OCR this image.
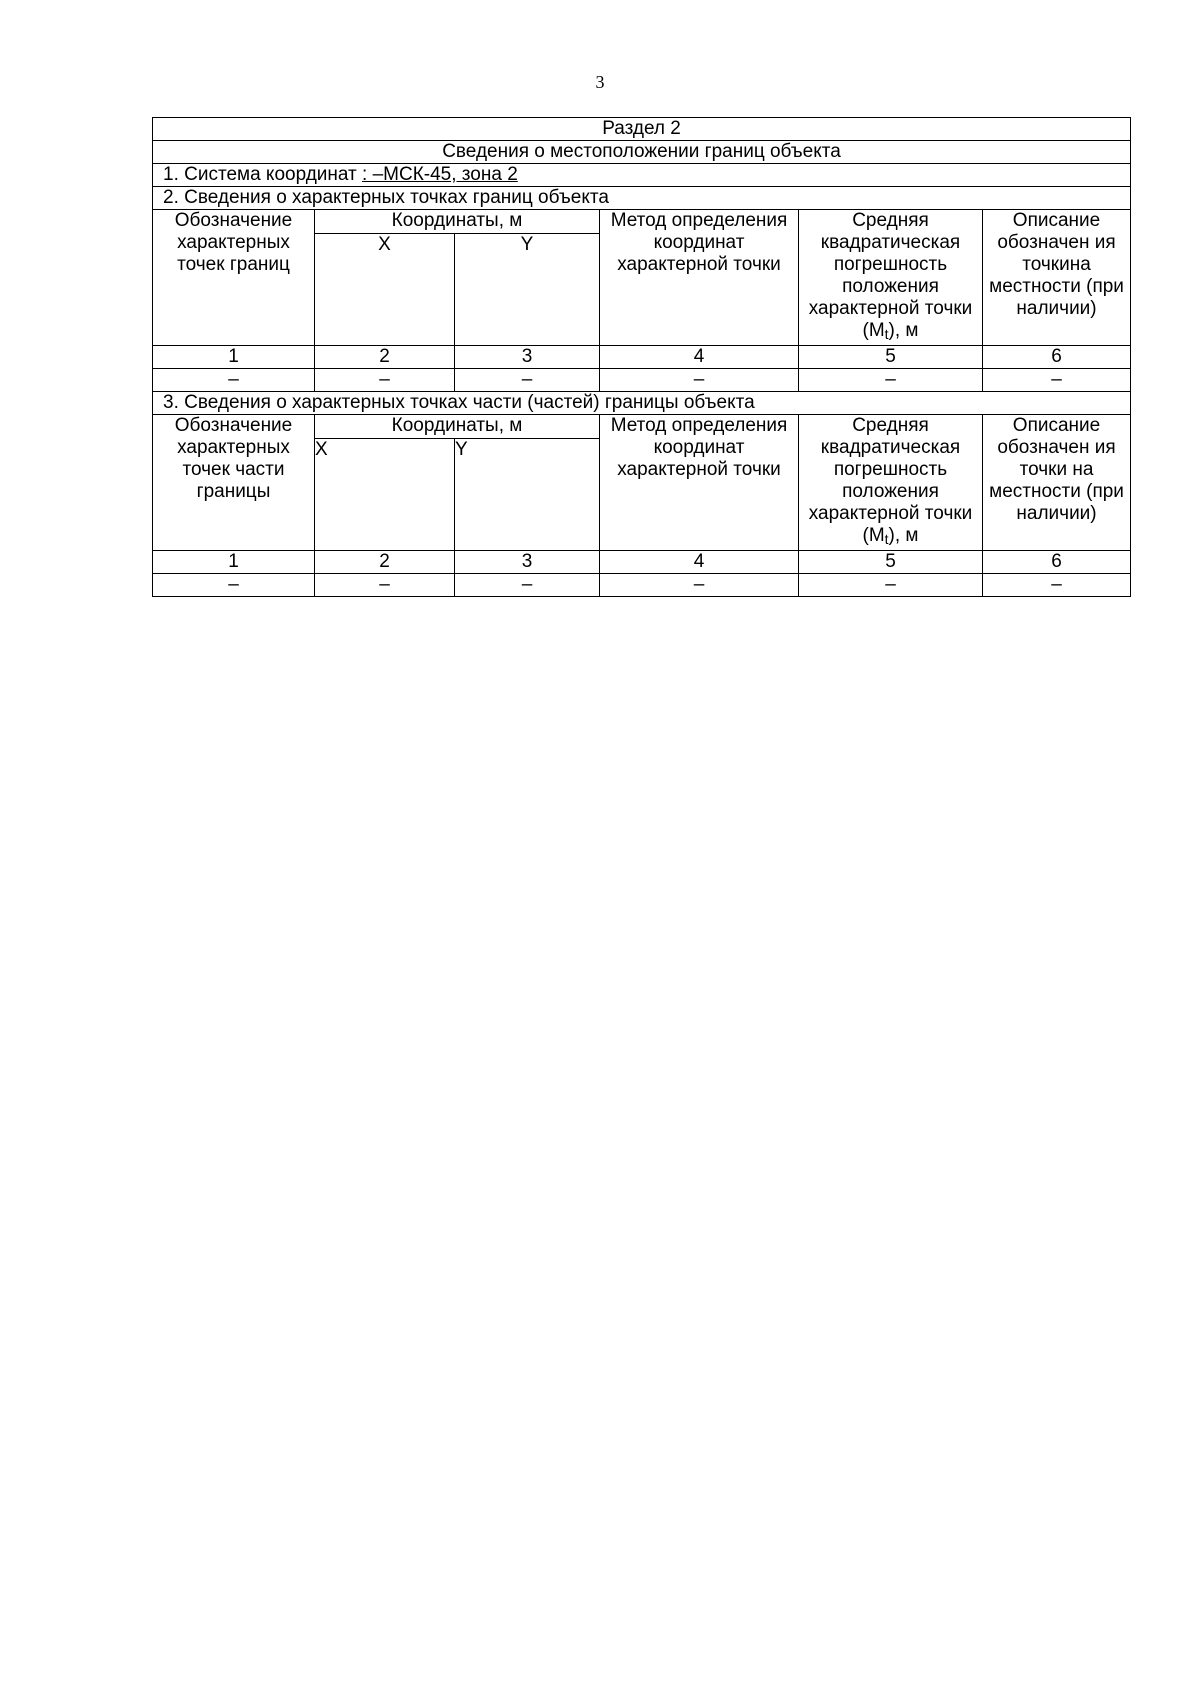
3
Раздел 2					
Сведения о местоположении границ объекта					
1. Система координат : –МСК-45, зона 2					
2. Сведения о характерных точках границ объекта					
Обозначение характерных точек границ	Координаты, м		Метод определения координат характерной точки	Средняя квадратическая погрешность положения характерной точки $(М_t)$, м	Описание обозначен ия точкина местности (при наличии)
	X	Y			
1	2	3	4	5	6
–	–	–	–	–	–
3. Сведения о характерных точках части (частей) границы объекта					
Обозначение характерных точек части границы	Координаты, м		Метод определения координат характерной точки	Средняя квадратическая погрешность положения характерной точки $(М_t)$, м	Описание обозначен ия точки на местности (при наличии)
	X	Y			
1	2	3	4	5	6
–	–	–	–	–	–
